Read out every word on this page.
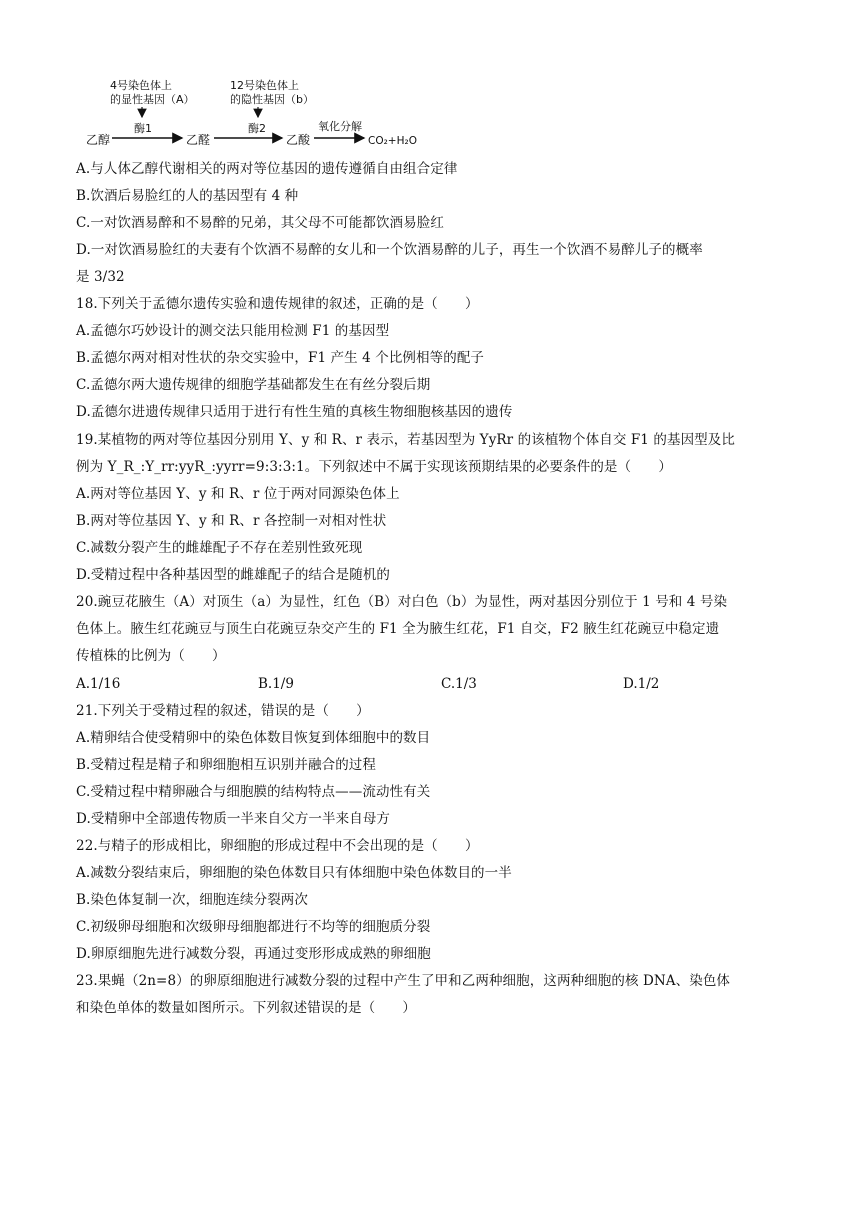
4号染色体上
的显性基因（A）
12号染色体上
的隐性基因（b）
酶1	酶2
乙醇	乙醛	乙酸
氧化分解
CO₂+H₂O
A.与人体乙醇代谢相关的两对等位基因的遗传遵循自由组合定律
B.饮酒后易脸红的人的基因型有 4 种
C.一对饮酒易醉和不易醉的兄弟，其父母不可能都饮酒易脸红
D.一对饮酒易脸红的夫妻有个饮酒不易醉的女儿和一个饮酒易醉的儿子，再生一个饮酒不易醉儿子的概率
是 3/32
18.下列关于孟德尔遗传实验和遗传规律的叙述，正确的是（　　）
A.孟德尔巧妙设计的测交法只能用检测 F1 的基因型
B.孟德尔两对相对性状的杂交实验中，F1 产生 4 个比例相等的配子
C.孟德尔两大遗传规律的细胞学基础都发生在有丝分裂后期
D.孟德尔进遗传规律只适用于进行有性生殖的真核生物细胞核基因的遗传
19.某植物的两对等位基因分别用 Y、y 和 R、r 表示，若基因型为 YyRr 的该植物个体自交 F1 的基因型及比
例为 Y_R_:Y_rr:yyR_:yyrr=9:3:3:1。下列叙述中不属于实现该预期结果的必要条件的是（　　）
A.两对等位基因 Y、y 和 R、r 位于两对同源染色体上
B.两对等位基因 Y、y 和 R、r 各控制一对相对性状
C.减数分裂产生的雌雄配子不存在差别性致死现
D.受精过程中各种基因型的雌雄配子的结合是随机的
20.豌豆花腋生（A）对顶生（a）为显性，红色（B）对白色（b）为显性，两对基因分别位于 1 号和 4 号染
色体上。腋生红花豌豆与顶生白花豌豆杂交产生的 F1 全为腋生红花，F1 自交，F2 腋生红花豌豆中稳定遗
传植株的比例为（　　）
A.1/16	B.1/9	C.1/3	D.1/2
21.下列关于受精过程的叙述，错误的是（　　）
A.精卵结合使受精卵中的染色体数目恢复到体细胞中的数目
B.受精过程是精子和卵细胞相互识别并融合的过程
C.受精过程中精卵融合与细胞膜的结构特点——流动性有关
D.受精卵中全部遗传物质一半来自父方一半来自母方
22.与精子的形成相比，卵细胞的形成过程中不会出现的是（　　）
A.减数分裂结束后，卵细胞的染色体数目只有体细胞中染色体数目的一半
B.染色体复制一次，细胞连续分裂两次
C.初级卵母细胞和次级卵母细胞都进行不均等的细胞质分裂
D.卵原细胞先进行减数分裂，再通过变形形成成熟的卵细胞
23.果蝇（2n=8）的卵原细胞进行减数分裂的过程中产生了甲和乙两种细胞，这两种细胞的核 DNA、染色体
和染色单体的数量如图所示。下列叙述错误的是（　　）
